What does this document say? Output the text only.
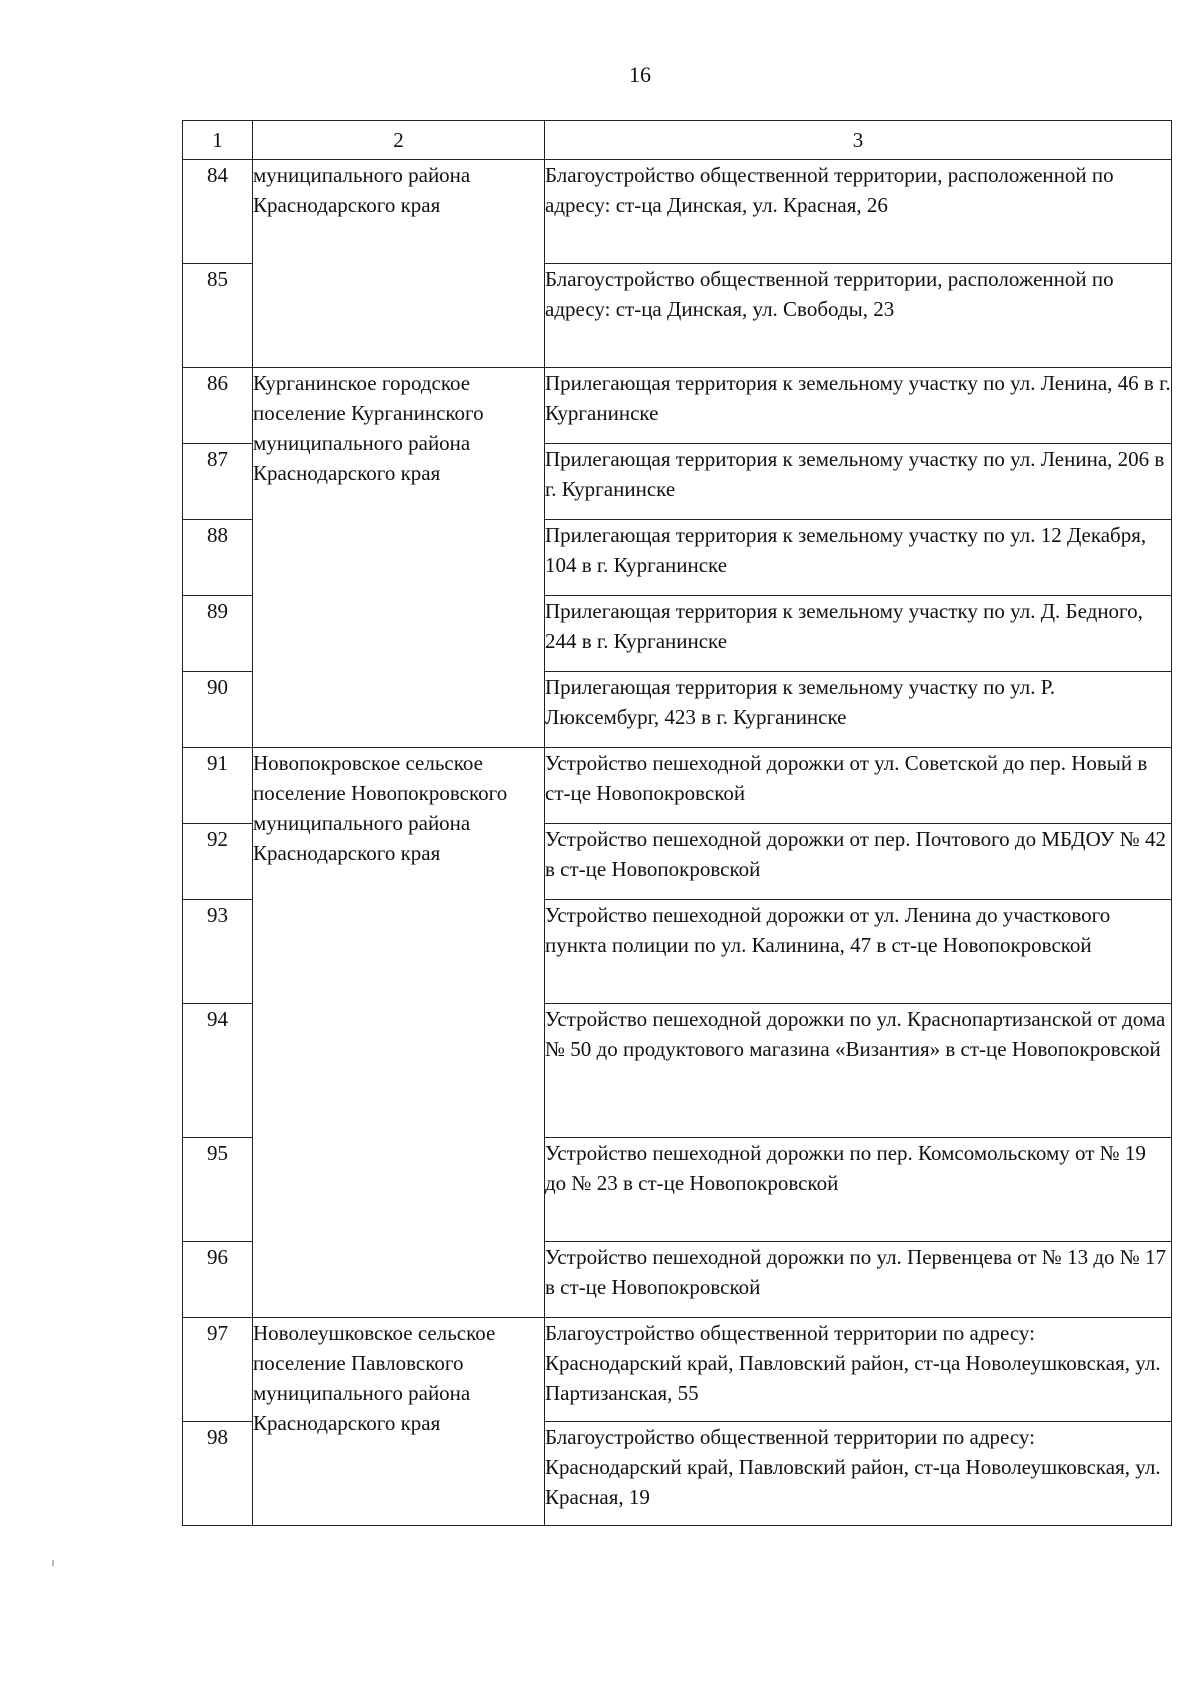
16
1	2	3
84	муниципального района Краснодарского края	Благоустройство общественной территории, расположенной по адресу: ст-ца Динская, ул. Красная, 26
85		Благоустройство общественной территории, расположенной по адресу: ст-ца Динская, ул. Свободы, 23
86	Курганинское городское поселение Курганинского муниципального района Краснодарского края	Прилегающая территория к земельному участку по ул. Ленина, 46 в г. Курганинске
87		Прилегающая территория к земельному участку по ул. Ленина, 206 в г. Курганинске
88		Прилегающая территория к земельному участку по ул. 12 Декабря, 104 в г. Курганинске
89		Прилегающая территория к земельному участку по ул. Д. Бедного, 244 в г. Курганинске
90		Прилегающая территория к земельному участку по ул. Р. Люксембург, 423 в г. Курганинске
91	Новопокровское сельское поселение Новопокровского муниципального района Краснодарского края	Устройство пешеходной дорожки от ул. Советской до пер. Новый в ст-це Новопокровской
92		Устройство пешеходной дорожки от пер. Почтового до МБДОУ № 42 в ст-це Новопокровской
93		Устройство пешеходной дорожки от ул. Ленина до участкового пункта полиции по ул. Калинина, 47 в ст-це Новопокровской
94		Устройство пешеходной дорожки по ул. Краснопартизанской от дома № 50 до продуктового магазина «Византия» в ст-це Новопокровской
95		Устройство пешеходной дорожки по пер. Комсомольскому от № 19 до № 23 в ст-це Новопокровской
96		Устройство пешеходной дорожки по ул. Первенцева от № 13 до № 17 в ст-це Новопокровской
97	Новолеушковское сельское поселение Павловского муниципального района Краснодарского края	Благоустройство общественной территории по адресу: Краснодарский край, Павловский район, ст-ца Новолеушковская, ул. Партизанская, 55
98		Благоустройство общественной территории по адресу: Краснодарский край, Павловский район, ст-ца Новолеушковская, ул. Красная, 19
